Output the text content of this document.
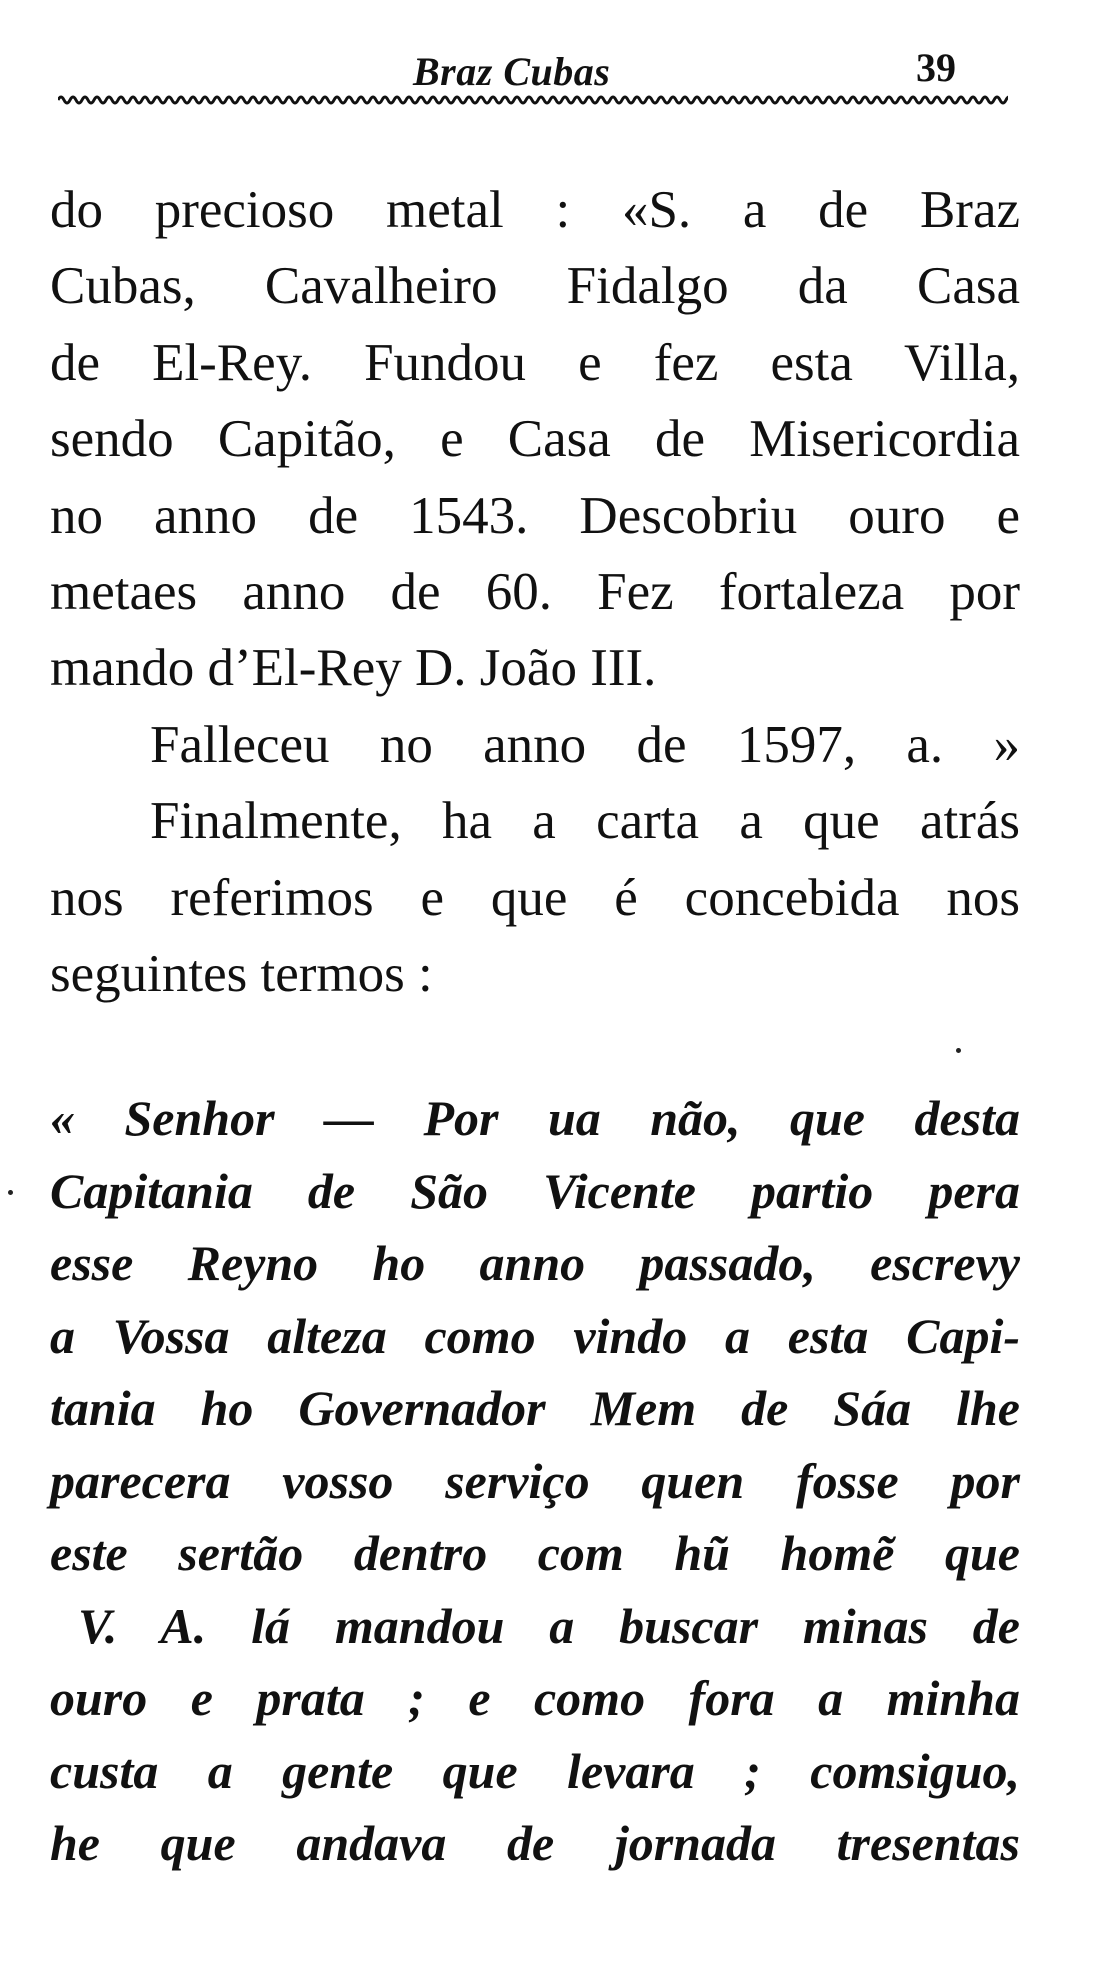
Braz Cubas	39
do precioso metal : «S. a de Braz
Cubas, Cavalheiro Fidalgo da Casa
de El-Rey. Fundou e fez esta Villa,
sendo Capitão, e Casa de Misericordia
no anno de 1543. Descobriu ouro e
metaes anno de 60. Fez fortaleza por
mando d’El-Rey D. João III.
Falleceu no anno de 1597, a. »
Finalmente, ha a carta a que atrás
nos referimos e que é concebida nos
seguintes termos :
« Senhor — Por ua não, que desta
Capitania de São Vicente partio pera
esse Reyno ho anno passado, escrevy
a Vossa alteza como vindo a esta Capi-
tania ho Governador Mem de Sáa lhe
parecera vosso serviço quen fosse por
este sertão dentro com hũ homẽ que
V. A. lá mandou a buscar minas de
ouro e prata ; e como fora a minha
custa a gente que levara ; comsiguo,
he que andava de jornada tresentas
